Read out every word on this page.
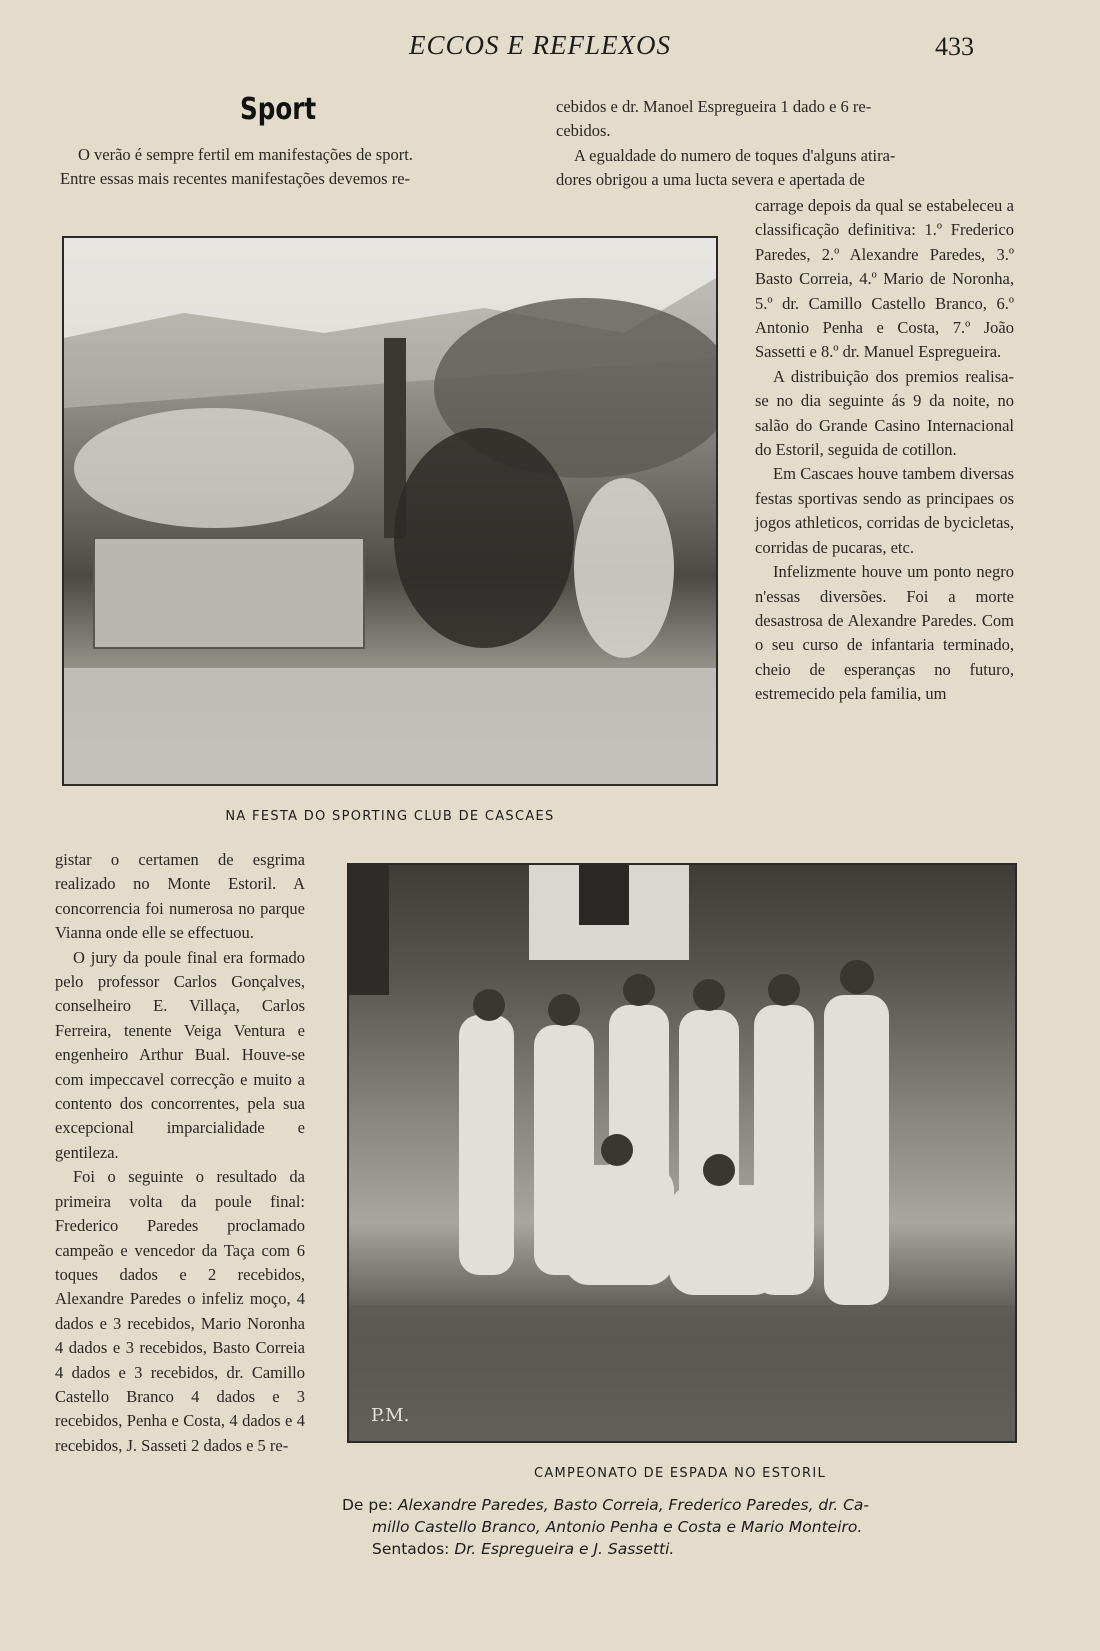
ECCOS E REFLEXOS	433
Sport

O verão é sempre fertil em manifestações de sport.

Entre essas mais recentes manifestações devemos re-

cebidos e dr. Manoel Espregueira 1 dado e 6 re-

cebidos.

A egualdade do numero de toques d'alguns atira-

dores obrigou a uma lucta severa e apertada de

carrage depois da qual se estabeleceu a classificação definitiva: 1.º Frederico Paredes, 2.º Alexandre Paredes, 3.º Basto Correia, 4.º Mario de Noronha, 5.º dr. Camillo Castello Branco, 6.º Antonio Penha e Costa, 7.º João Sassetti e 8.º dr. Manuel Espregueira.

A distribuição dos premios realisa-se no dia seguinte ás 9 da noite, no salão do Grande Casino Internacional do Estoril, seguida de cotillon.

Em Cascaes houve tambem diversas festas sportivas sendo as principaes os jogos athleticos, corridas de bycicletas, corridas de pucaras, etc.

Infelizmente houve um ponto negro n'essas diversões. Foi a morte desastrosa de Alexandre Paredes. Com o seu curso de infantaria terminado, cheio de esperanças no futuro, estremecido pela familia, um

NA FESTA DO SPORTING CLUB DE CASCAES

gistar o certamen de esgrima realizado no Monte Estoril. A concorrencia foi numerosa no parque Vianna onde elle se effectuou.

O jury da poule final era formado pelo professor Carlos Gonçalves, conselheiro E. Villaça, Carlos Ferreira, tenente Veiga Ventura e engenheiro Arthur Bual. Houve-se com impeccavel correcção e muito a contento dos concorrentes, pela sua excepcional imparcialidade e gentileza.

Foi o seguinte o resultado da primeira volta da poule final: Frederico Paredes proclamado campeão e vencedor da Taça com 6 toques dados e 2 recebidos, Alexandre Paredes o infeliz moço, 4 dados e 3 recebidos, Mario Noronha 4 dados e 3 recebidos, Basto Correia 4 dados e 3 recebidos, dr. Camillo Castello Branco 4 dados e 3 recebidos, Penha e Costa, 4 dados e 4 recebidos, J. Sasseti 2 dados e 5 re-

P.M.
CAMPEONATO DE ESPADA NO ESTORIL
De pe: Alexandre Paredes, Basto Correia, Frederico Paredes, dr. Ca-
millo Castello Branco, Antonio Penha e Costa e Mario Monteiro.
Sentados: Dr. Espregueira e J. Sassetti.
